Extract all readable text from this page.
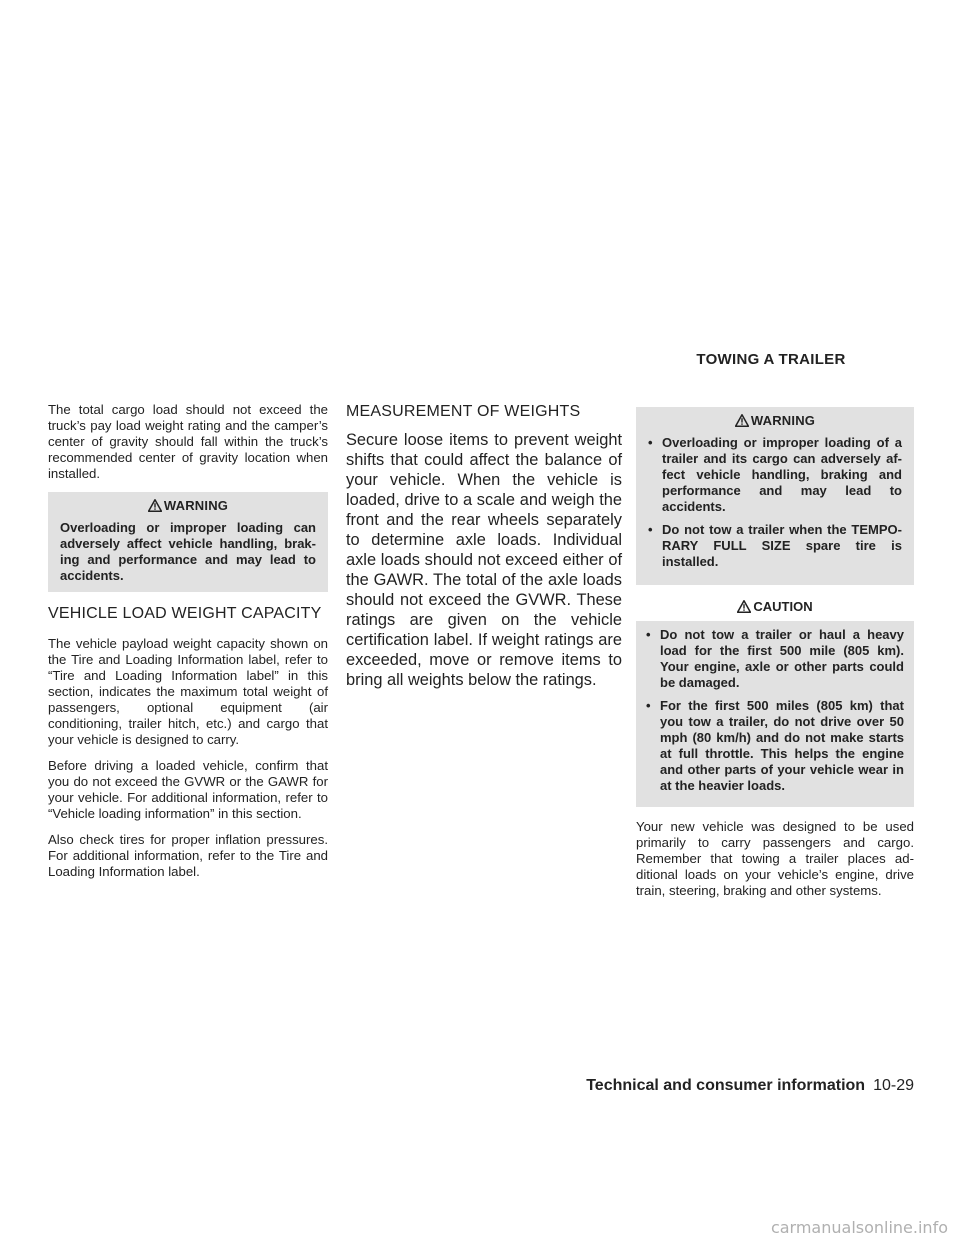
TOWING A TRAILER

The total cargo load should not exceed the truck’s pay load weight rating and the camper’s center of gravity should fall within the truck’s recommended center of gravity location when installed.

WARNING
Overloading or improper loading can adversely affect vehicle handling, braking and performance and may lead to accidents.
VEHICLE LOAD WEIGHT CAPACITY

The vehicle payload weight capacity shown on the Tire and Loading Information label, refer to “Tire and Loading Information label” in this section, indicates the maximum total weight of passengers, optional equipment (air conditioning, trailer hitch, etc.) and cargo that your vehicle is designed to carry.

Before driving a loaded vehicle, confirm that you do not exceed the GVWR or the GAWR for your vehicle. For additional information, refer to “Vehicle loading information” in this section.

Also check tires for proper inflation pressures. For additional information, refer to the Tire and Loading Information label.

MEASUREMENT OF WEIGHTS

Secure loose items to prevent weight shifts that could affect the balance of your vehicle. When the vehicle is loaded, drive to a scale and weigh the front and the rear wheels separately to determine axle loads. Individual axle loads should not exceed either of the GAWR. The total of the axle loads should not exceed the GVWR. These ratings are given on the vehicle certification label. If weight ratings are exceeded, move or remove items to bring all weights below the ratings.

WARNING
• Overloading or improper loading of a trailer and its cargo can adversely affect vehicle handling, braking and performance and may lead to accidents.
• Do not tow a trailer when the TEMPORARY FULL SIZE spare tire is installed.
CAUTION
• Do not tow a trailer or haul a heavy load for the first 500 mile (805 km). Your engine, axle or other parts could be damaged.
• For the first 500 miles (805 km) that you tow a trailer, do not drive over 50 mph (80 km/h) and do not make starts at full throttle. This helps the engine and other parts of your vehicle wear in at the heavier loads.

Your new vehicle was designed to be used primarily to carry passengers and cargo. Remember that towing a trailer places additional loads on your vehicle’s engine, drive train, steering, braking and other systems.

Technical and consumer information 10-29
carmanualsonline.info
